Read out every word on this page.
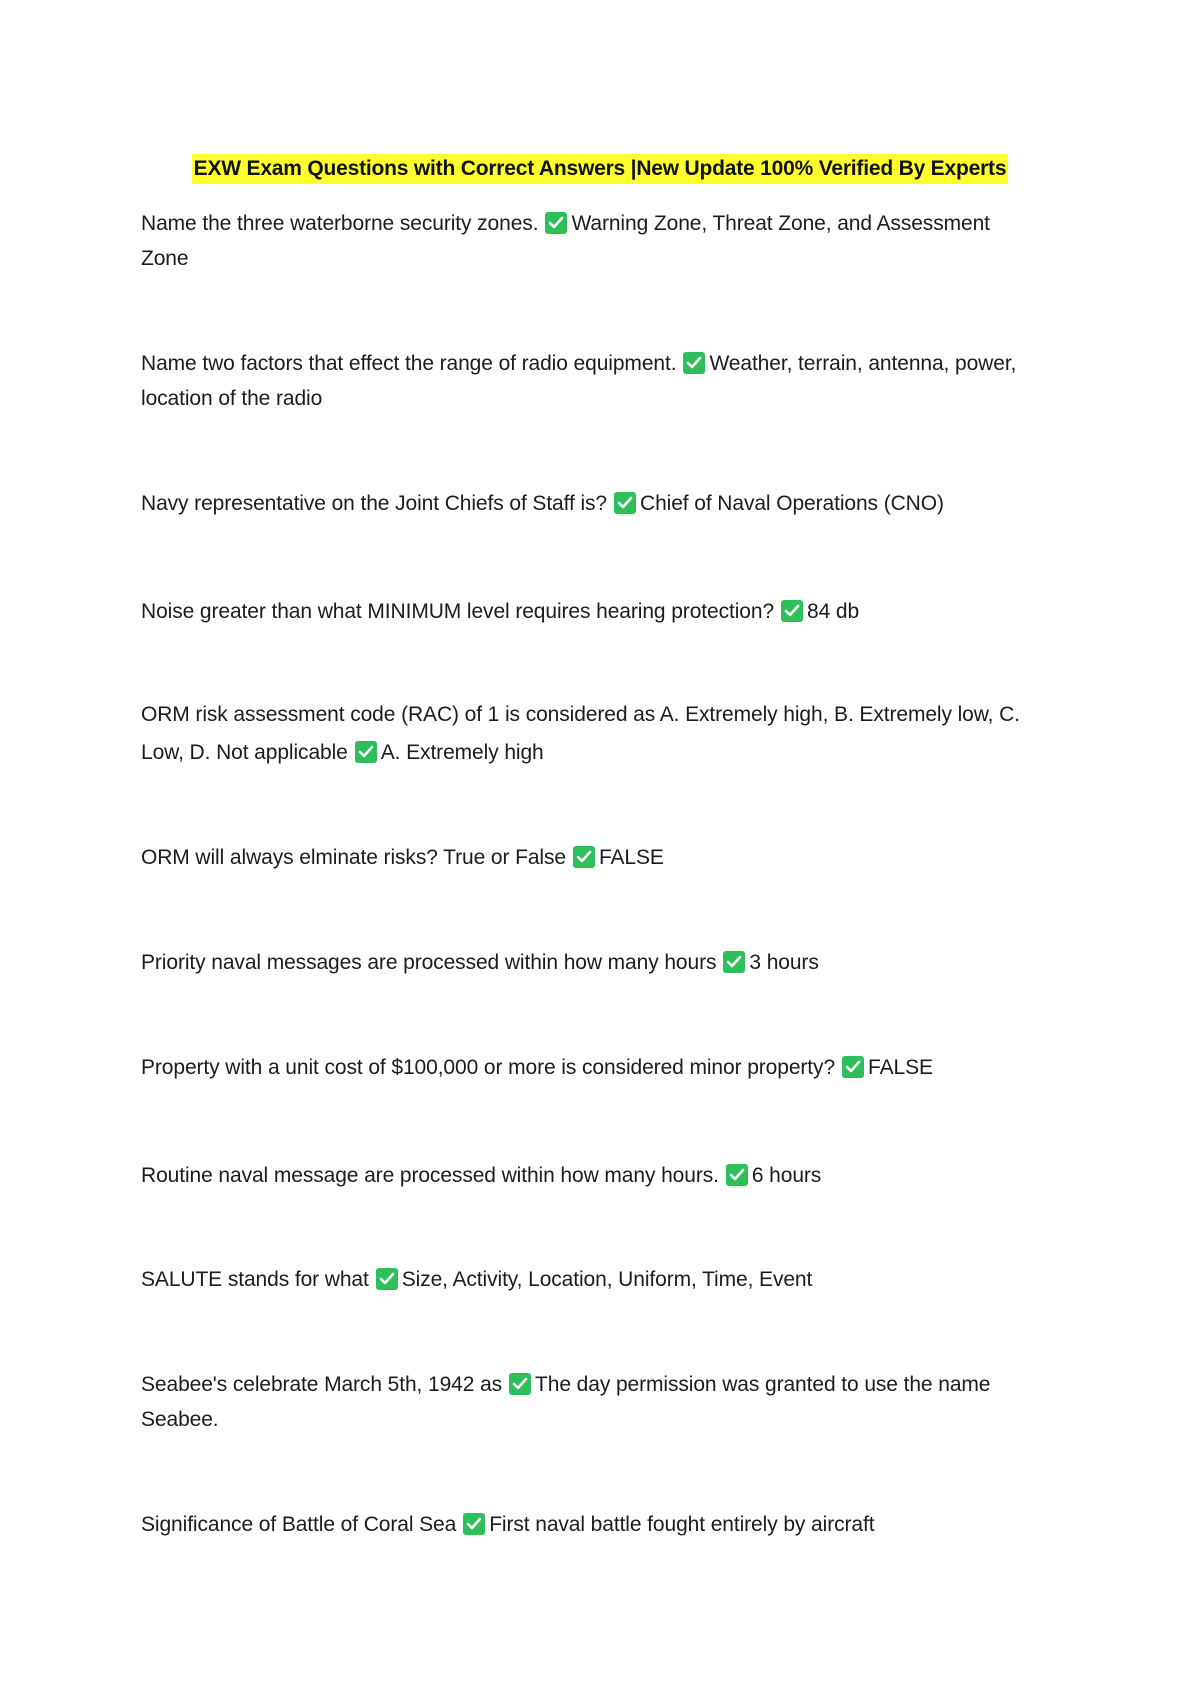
EXW Exam Questions with Correct Answers |New Update 100% Verified By Experts
Name the three waterborne security zones. Warning Zone, Threat Zone, and Assessment Zone
Name two factors that effect the range of radio equipment. Weather, terrain, antenna, power, location of the radio
Navy representative on the Joint Chiefs of Staff is? Chief of Naval Operations (CNO)
Noise greater than what MINIMUM level requires hearing protection? 84 db
ORM risk assessment code (RAC) of 1 is considered as A. Extremely high, B. Extremely low, C. Low, D. Not applicable A. Extremely high
ORM will always elminate risks? True or False FALSE
Priority naval messages are processed within how many hours 3 hours
Property with a unit cost of $100,000 or more is considered minor property? FALSE
Routine naval message are processed within how many hours. 6 hours
SALUTE stands for what Size, Activity, Location, Uniform, Time, Event
Seabee's celebrate March 5th, 1942 as The day permission was granted to use the name Seabee.
Significance of Battle of Coral Sea First naval battle fought entirely by aircraft
